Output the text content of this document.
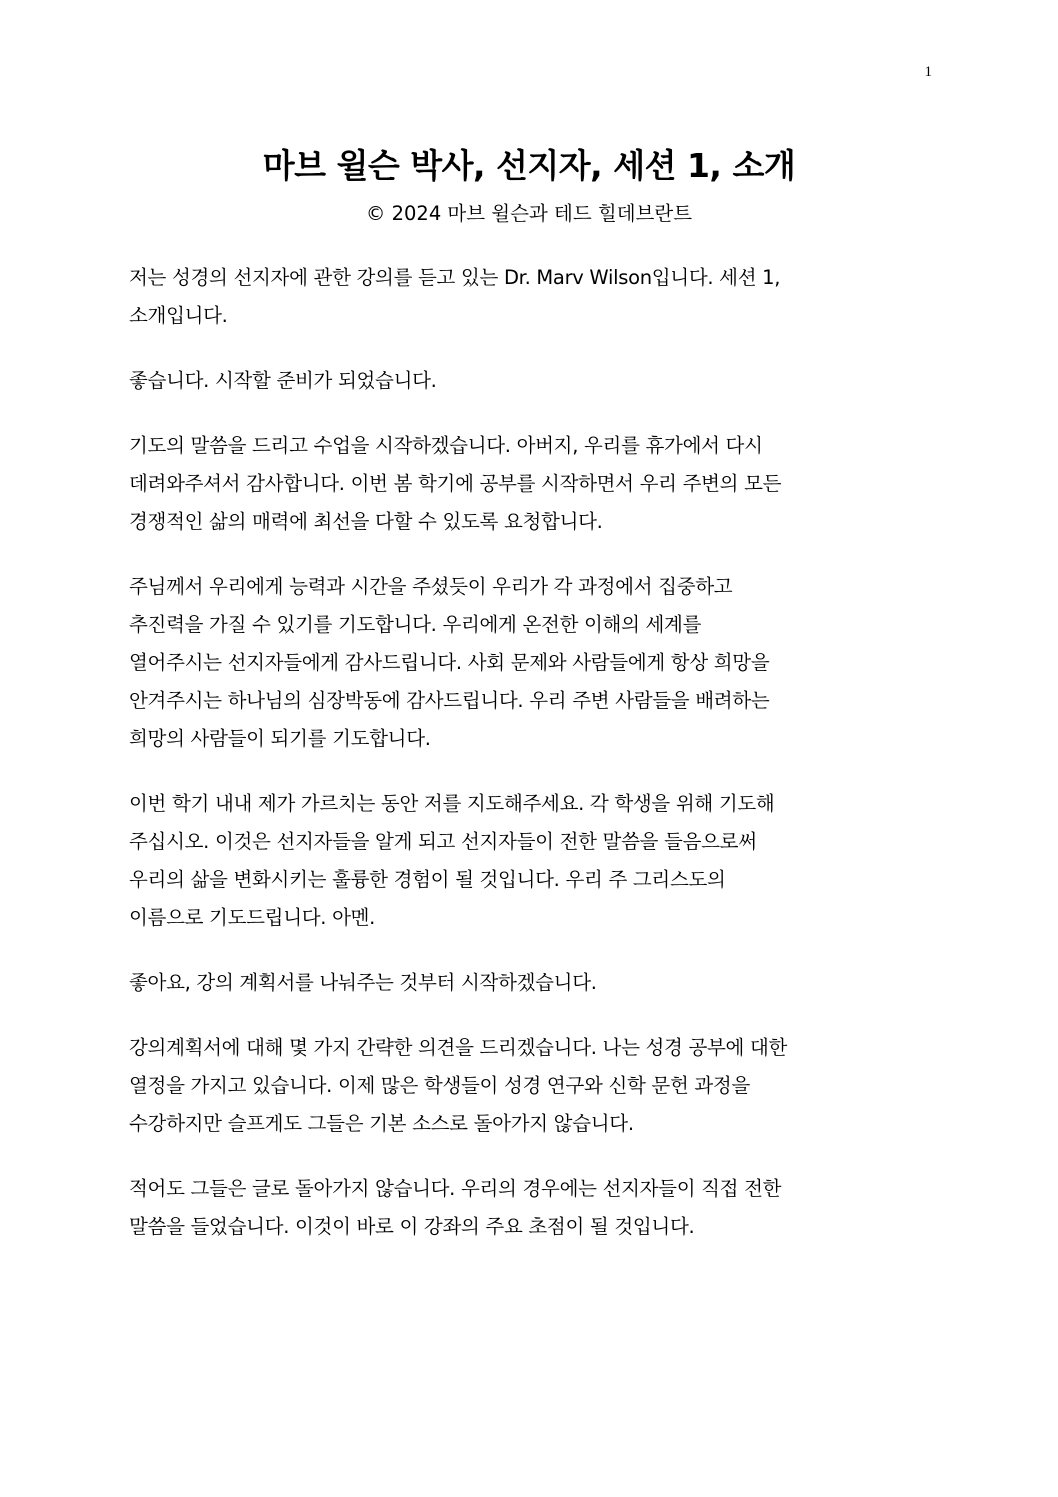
1
마브 윌슨 박사, 선지자, 세션 1, 소개
© 2024 마브 윌슨과 테드 힐데브란트

저는 성경의 선지자에 관한 강의를 듣고 있는 Dr. Marv Wilson입니다. 세션 1,
소개입니다.

좋습니다. 시작할 준비가 되었습니다.

기도의 말씀을 드리고 수업을 시작하겠습니다. 아버지, 우리를 휴가에서 다시
데려와주셔서 감사합니다. 이번 봄 학기에 공부를 시작하면서 우리 주변의 모든
경쟁적인 삶의 매력에 최선을 다할 수 있도록 요청합니다.

주님께서 우리에게 능력과 시간을 주셨듯이 우리가 각 과정에서 집중하고
추진력을 가질 수 있기를 기도합니다. 우리에게 온전한 이해의 세계를
열어주시는 선지자들에게 감사드립니다. 사회 문제와 사람들에게 항상 희망을
안겨주시는 하나님의 심장박동에 감사드립니다. 우리 주변 사람들을 배려하는
희망의 사람들이 되기를 기도합니다.

이번 학기 내내 제가 가르치는 동안 저를 지도해주세요. 각 학생을 위해 기도해
주십시오. 이것은 선지자들을 알게 되고 선지자들이 전한 말씀을 들음으로써
우리의 삶을 변화시키는 훌륭한 경험이 될 것입니다. 우리 주 그리스도의
이름으로 기도드립니다. 아멘.

좋아요, 강의 계획서를 나눠주는 것부터 시작하겠습니다.

강의계획서에 대해 몇 가지 간략한 의견을 드리겠습니다. 나는 성경 공부에 대한
열정을 가지고 있습니다. 이제 많은 학생들이 성경 연구와 신학 문헌 과정을
수강하지만 슬프게도 그들은 기본 소스로 돌아가지 않습니다.

적어도 그들은 글로 돌아가지 않습니다. 우리의 경우에는 선지자들이 직접 전한
말씀을 들었습니다. 이것이 바로 이 강좌의 주요 초점이 될 것입니다.
